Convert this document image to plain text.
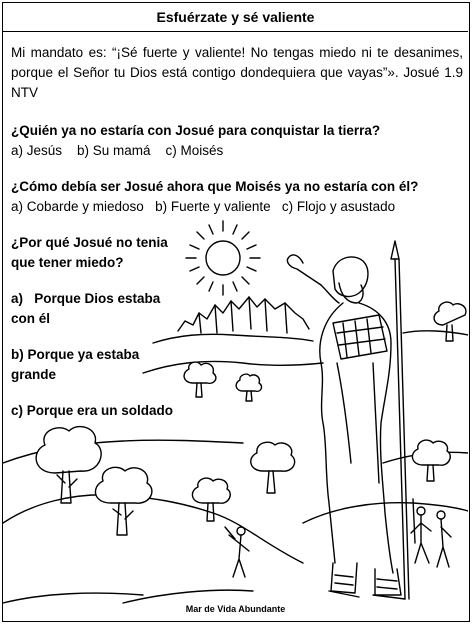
Esfuérzate y sé valiente
Mi mandato es: “¡Sé fuerte y valiente! No tengas miedo ni te desanimes, porque el Señor tu Dios está contigo dondequiera que vayas”». Josué 1.9 NTV
¿Quién ya no estaría con Josué para conquistar la tierra?
a) Jesús    b) Su mamá    c) Moisés
¿Cómo debía ser Josué ahora que Moisés ya no estaría con él?
a) Cobarde y miedoso   b) Fuerte y valiente   c) Flojo y asustado
¿Por qué Josué no tenia
que tener miedo?
a)   Porque Dios estaba
con él
b) Porque ya estaba
grande
c) Porque era un soldado
Mar de Vida Abundante
